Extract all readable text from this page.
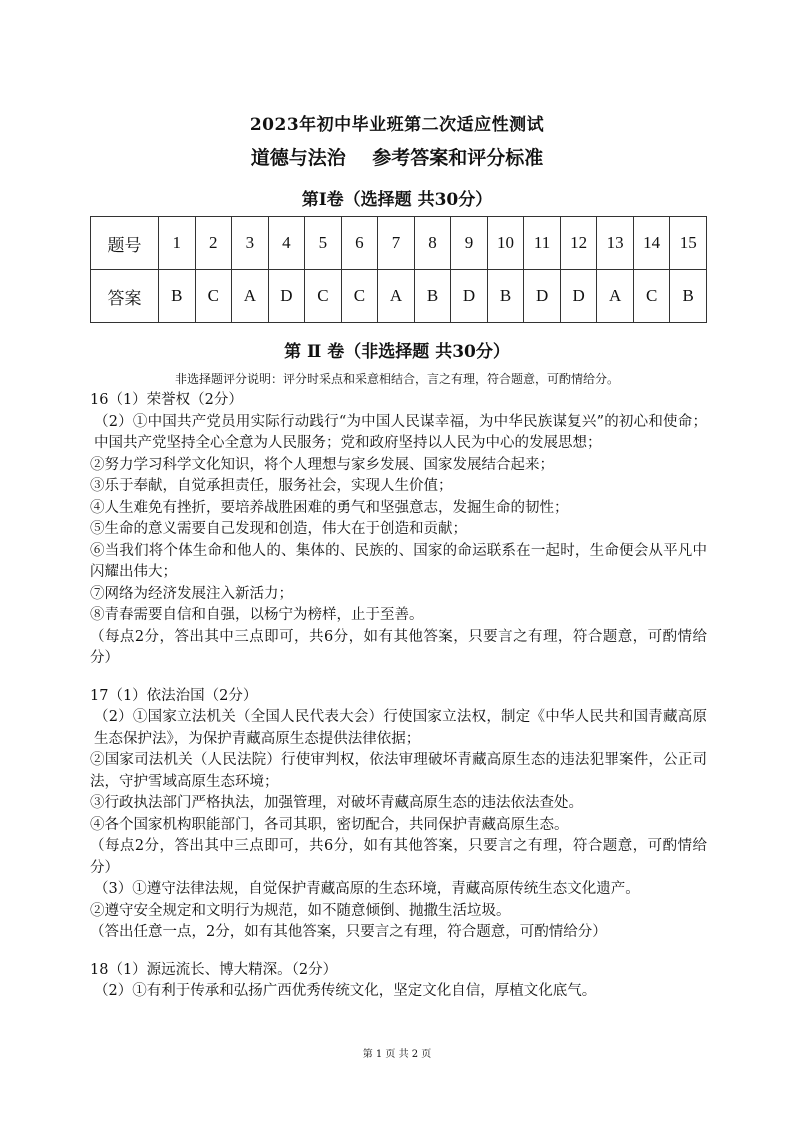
2023年初中毕业班第二次适应性测试
道德与法治    参考答案和评分标准
第Ⅰ卷（选择题 共30分）
题号	1	2	3	4	5	6	7	8	9	10	11	12	13	14	15
答案	B	C	A	D	C	C	A	B	D	B	D	D	A	C	B
第 Ⅱ 卷（非选择题 共30分）
非选择题评分说明：评分时采点和采意相结合，言之有理，符合题意，可酌情给分。

16（1）荣誉权（2分）

（2）①中国共产党员用实际行动践行“为中国人民谋幸福，为中华民族谋复兴”的初心和使命；中国共产党坚持全心全意为人民服务；党和政府坚持以人民为中心的发展思想；

②努力学习科学文化知识，将个人理想与家乡发展、国家发展结合起来；

③乐于奉献，自觉承担责任，服务社会，实现人生价值；

④人生难免有挫折，要培养战胜困难的勇气和坚强意志，发掘生命的韧性；

⑤生命的意义需要自己发现和创造，伟大在于创造和贡献；

⑥当我们将个体生命和他人的、集体的、民族的、国家的命运联系在一起时，生命便会从平凡中闪耀出伟大；

⑦网络为经济发展注入新活力；

⑧青春需要自信和自强，以杨宁为榜样，止于至善。

（每点2分，答出其中三点即可，共6分，如有其他答案，只要言之有理，符合题意，可酌情给分）

17（1）依法治国（2分）

（2）①国家立法机关（全国人民代表大会）行使国家立法权，制定《中华人民共和国青藏高原生态保护法》，为保护青藏高原生态提供法律依据；

②国家司法机关（人民法院）行使审判权，依法审理破坏青藏高原生态的违法犯罪案件，公正司法，守护雪域高原生态环境；

③行政执法部门严格执法，加强管理，对破坏青藏高原生态的违法依法查处。

④各个国家机构职能部门，各司其职，密切配合，共同保护青藏高原生态。

（每点2分，答出其中三点即可，共6分，如有其他答案，只要言之有理，符合题意，可酌情给分）

（3）①遵守法律法规，自觉保护青藏高原的生态环境，青藏高原传统生态文化遗产。

②遵守安全规定和文明行为规范，如不随意倾倒、抛撒生活垃圾。

（答出任意一点，2分，如有其他答案，只要言之有理，符合题意，可酌情给分）

18（1）源远流长、博大精深。（2分）

（2）①有利于传承和弘扬广西优秀传统文化，坚定文化自信，厚植文化底气。

第 1 页 共 2 页
